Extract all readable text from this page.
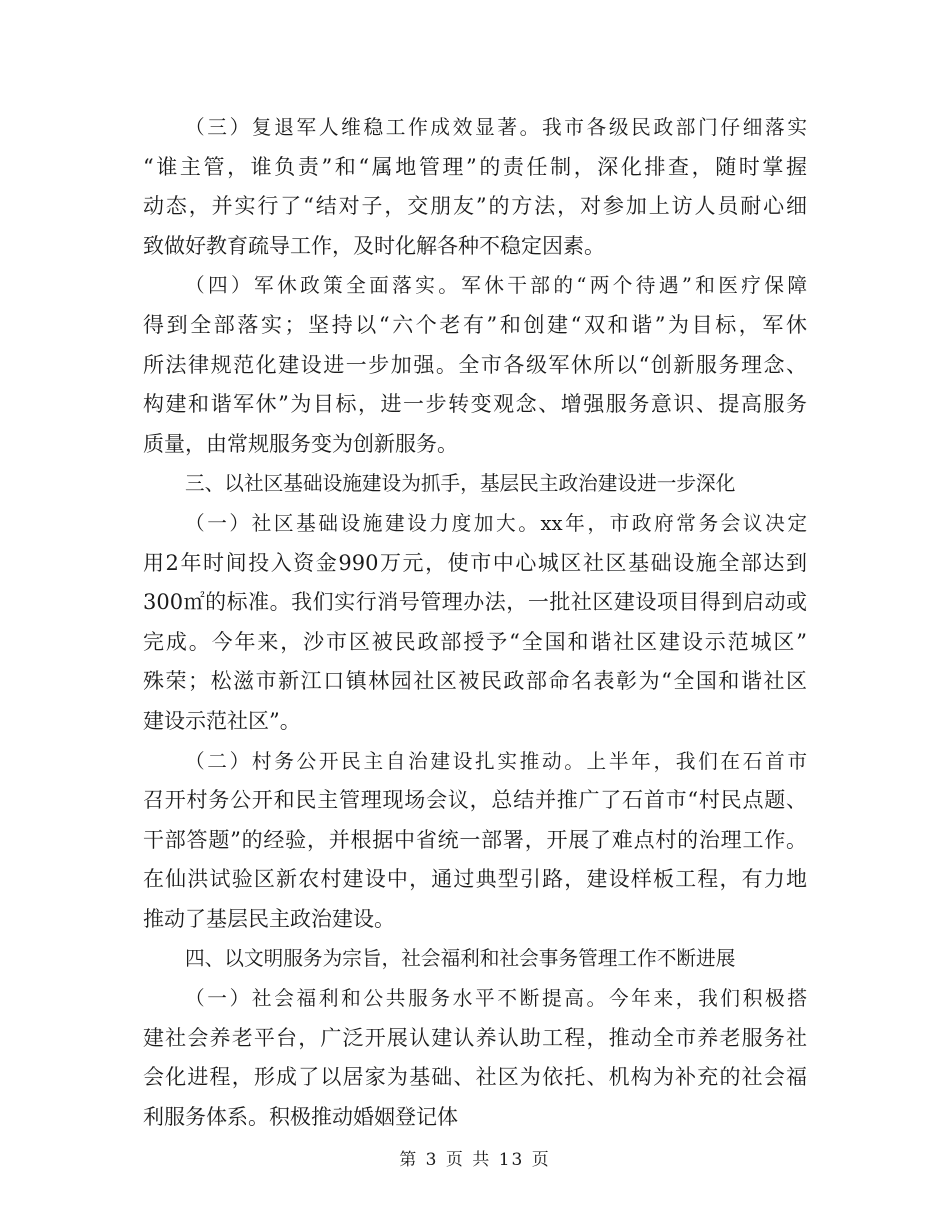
（三）复退军人维稳工作成效显著。我市各级民政部门仔细落实
“谁主管，谁负责”和“属地管理”的责任制，深化排查，随时掌握
动态，并实行了“结对子，交朋友”的方法，对参加上访人员耐心细
致做好教育疏导工作，及时化解各种不稳定因素。
（四）军休政策全面落实。军休干部的“两个待遇”和医疗保障
得到全部落实；坚持以“六个老有”和创建“双和谐”为目标，军休
所法律规范化建设进一步加强。全市各级军休所以“创新服务理念、
构建和谐军休”为目标，进一步转变观念、增强服务意识、提高服务
质量，由常规服务变为创新服务。
三、以社区基础设施建设为抓手，基层民主政治建设进一步深化
（一）社区基础设施建设力度加大。xx年，市政府常务会议决定
用2年时间投入资金990万元，使市中心城区社区基础设施全部达到
300㎡的标准。我们实行消号管理办法，一批社区建设项目得到启动或
完成。今年来，沙市区被民政部授予“全国和谐社区建设示范城区”
殊荣；松滋市新江口镇林园社区被民政部命名表彰为“全国和谐社区
建设示范社区”。
（二）村务公开民主自治建设扎实推动。上半年，我们在石首市
召开村务公开和民主管理现场会议，总结并推广了石首市“村民点题、
干部答题”的经验，并根据中省统一部署，开展了难点村的治理工作。
在仙洪试验区新农村建设中，通过典型引路，建设样板工程，有力地
推动了基层民主政治建设。
四、以文明服务为宗旨，社会福利和社会事务管理工作不断进展
（一）社会福利和公共服务水平不断提高。今年来，我们积极搭
建社会养老平台，广泛开展认建认养认助工程，推动全市养老服务社
会化进程，形成了以居家为基础、社区为依托、机构为补充的社会福
利服务体系。积极推动婚姻登记体
第 3 页 共 13 页
